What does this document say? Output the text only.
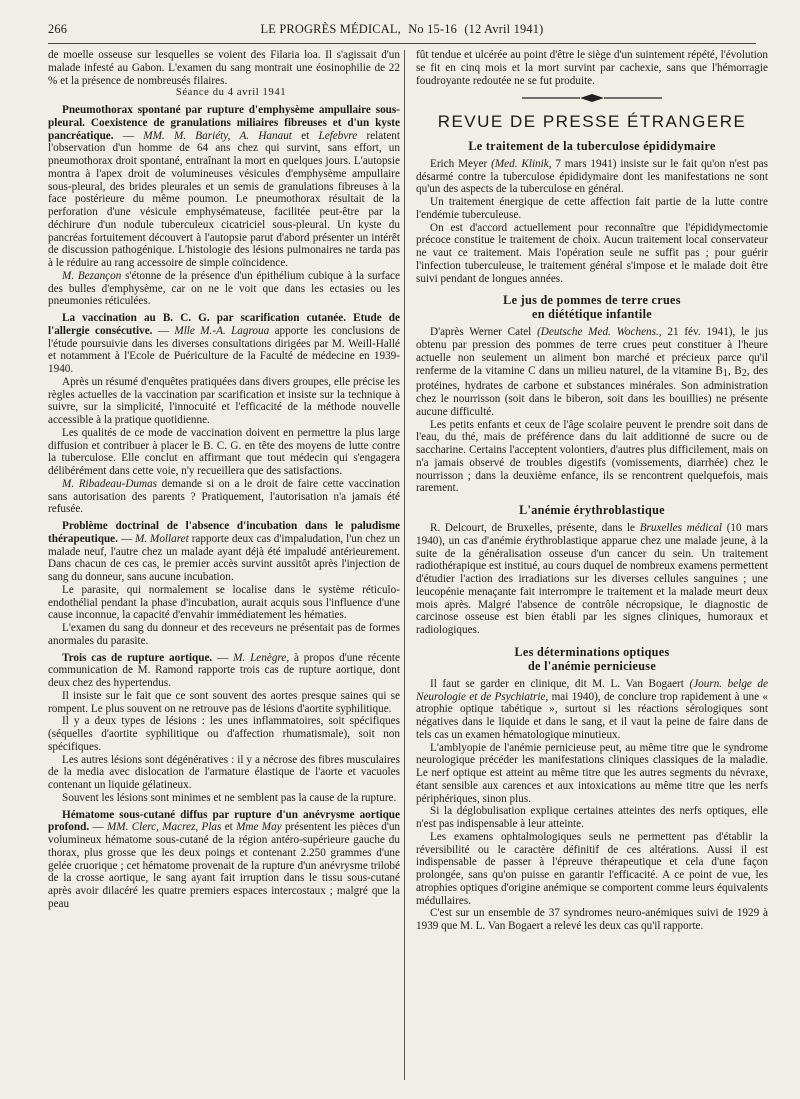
266	LE PROGRÈS MÉDICAL, No 15-16 (12 Avril 1941)

de moelle osseuse sur lesquelles se voient des Filaria loa. Il s'agissait d'un malade infesté au Gabon. L'examen du sang montrait une éosinophilie de 22 % et la présence de nombreusés filaires.

Séance du 4 avril 1941

Pneumothorax spontané par rupture d'emphysème ampullaire sous-pleural. Coexistence de granulations miliaires fibreuses et d'un kyste pancréatique. — MM. M. Bariéty, A. Hanaut et Lefebvre relatent l'observation d'un homme de 64 ans chez qui survint, sans effort, un pneumothorax droit spontané, entraînant la mort en quelques jours. L'autopsie montra à l'apex droit de volumineuses vésicules d'emphysème ampullaire sous-pleural, des brides pleurales et un semis de granulations fibreuses à la face postérieure du même poumon. Le pneumothorax résultait de la perforation d'une vésicule emphysémateuse, facilitée peut-être par la déchirure d'un nodule tuberculeux cicatriciel sous-pleural. Un kyste du pancréas fortuitement découvert à l'autopsie parut d'abord présenter un intérêt de discussion pathogénique. L'histologie des lésions pulmonaires ne tarda pas à le réduire au rang accessoire de simple coïncidence.

M. Bezançon s'étonne de la présence d'un épithélium cubique à la surface des bulles d'emphysème, car on ne le voit que dans les ectasies ou les pneumonies réticulées.

La vaccination au B. C. G. par scarification cutanée. Etude de l'allergie consécutive. — Mlle M.-A. Lagroua apporte les conclusions de l'étude poursuivie dans les diverses consultations dirigées par M. Weill-Hallé et notamment à l'Ecole de Puériculture de la Faculté de médecine en 1939-1940.

Après un résumé d'enquêtes pratiquées dans divers groupes, elle précise les règles actuelles de la vaccination par scarification et insiste sur la technique à suivre, sur la simplicité, l'innocuité et l'efficacité de la méthode nouvelle accessible à la pratique quotidienne.

Les qualités de ce mode de vaccination doivent en permettre la plus large diffusion et contribuer à placer le B. C. G. en tête des moyens de lutte contre la tuberculose. Elle conclut en affirmant que tout médecin qui s'engagera délibérément dans cette voie, n'y recueillera que des satisfactions.

M. Ribadeau-Dumas demande si on a le droit de faire cette vaccination sans autorisation des parents ? Pratiquement, l'autorisation n'a jamais été refusée.

Problème doctrinal de l'absence d'incubation dans le paludisme thérapeutique. — M. Mollaret rapporte deux cas d'impaludation, l'un chez un malade neuf, l'autre chez un malade ayant déjà été impaludé antérieurement. Dans chacun de ces cas, le premier accès survint aussitôt après l'injection de sang du donneur, sans aucune incubation.

Le parasite, qui normalement se localise dans le système réticulo-endothélial pendant la phase d'incubation, aurait acquis sous l'influence d'une cause inconnue, la capacité d'envahir immédiatement les hématies.

L'examen du sang du donneur et des receveurs ne présentait pas de formes anormales du parasite.

Trois cas de rupture aortique. — M. Lenègre, à propos d'une récente communication de M. Ramond rapporte trois cas de rupture aortique, dont deux chez des hypertendus.

Il insiste sur le fait que ce sont souvent des aortes presque saines qui se rompent. Le plus souvent on ne retrouve pas de lésions d'aortite syphilitique.

Il y a deux types de lésions : les unes inflammatoires, soit spécifiques (séquelles d'aortite syphilitique ou d'affection rhumatismale), soit non spécifiques.

Les autres lésions sont dégénératives : il y a nécrose des fibres musculaires de la media avec dislocation de l'armature élastique de l'aorte et vacuoles contenant un liquide gélatineux.

Souvent les lésions sont minimes et ne semblent pas la cause de la rupture.

Hématome sous-cutané diffus par rupture d'un anévrysme aortique profond. — MM. Clerc, Macrez, Plas et Mme May présentent les pièces d'un volumineux hématome sous-cutané de la région antéro-supérieure gauche du thorax, plus grosse que les deux poings et contenant 2.250 grammes d'une gelée cruorique ; cet hématome provenait de la rupture d'un anévrysme trilobé de la crosse aortique, le sang ayant fait irruption dans le tissu sous-cutané après avoir dilacéré les quatre premiers espaces intercostaux ; malgré que la peau

fût tendue et ulcérée au point d'être le siège d'un suintement répété, l'évolution se fit en cinq mois et la mort survint par cachexie, sans que l'hémorragie foudroyante redoutée ne se fut produite.

REVUE DE PRESSE ÉTRANGERE
Le traitement de la tuberculose épididymaire

Erich Meyer (Med. Klinik, 7 mars 1941) insiste sur le fait qu'on n'est pas désarmé contre la tuberculose épididymaire dont les manifestations ne sont qu'un des aspects de la tuberculose en général.

Un traitement énergique de cette affection fait partie de la lutte contre l'endémie tuberculeuse.

On est d'accord actuellement pour reconnaître que l'épididymectomie précoce constitue le traitement de choix. Aucun traitement local conservateur ne vaut ce traitement. Mais l'opération seule ne suffit pas ; pour guérir l'infection tuberculeuse, le traitement général s'impose et le malade doit être suivi pendant de longues années.

Le jus de pommes de terre crues
en diététique infantile

D'après Werner Catel (Deutsche Med. Wochens., 21 fév. 1941), le jus obtenu par pression des pommes de terre crues peut constituer à l'heure actuelle non seulement un aliment bon marché et précieux parce qu'il renferme de la vitamine C dans un milieu naturel, de la vitamine B1, B2, des protéines, hydrates de carbone et substances minérales. Son administration chez le nourrisson (soit dans le biberon, soit dans les bouillies) ne présente aucune difficulté.

Les petits enfants et ceux de l'âge scolaire peuvent le prendre soit dans de l'eau, du thé, mais de préférence dans du lait additionné de sucre ou de saccharine. Certains l'acceptent volontiers, d'autres plus difficilement, mais on n'a jamais observé de troubles digestifs (vomissements, diarrhée) chez le nourrisson ; dans la deuxième enfance, ils se rencontrent quelquefois, mais rarement.

L'anémie érythroblastique

R. Delcourt, de Bruxelles, présente, dans le Bruxelles médical (10 mars 1940), un cas d'anémie érythroblastique apparue chez une malade jeune, à la suite de la généralisation osseuse d'un cancer du sein. Un traitement radiothérapique est institué, au cours duquel de nombreux examens permettent d'étudier l'action des irradiations sur les diverses cellules sanguines ; une leucopénie menaçante fait interrompre le traitement et la malade meurt deux mois après. Malgré l'absence de contrôle nécropsique, le diagnostic de carcinose osseuse est bien établi par les signes cliniques, humoraux et radiologiques.

Les déterminations optiques
de l'anémie pernicieuse

Il faut se garder en clinique, dit M. L. Van Bogaert (Journ. belge de Neurologie et de Psychiatrie, mai 1940), de conclure trop rapidement à une « atrophie optique tabétique », surtout si les réactions sérologiques sont négatives dans le liquide et dans le sang, et il vaut la peine de faire dans de tels cas un examen hématologique minutieux.

L'amblyopie de l'anémie pernicieuse peut, au même titre que le syndrome neurologique précéder les manifestations cliniques classiques de la maladie. Le nerf optique est atteint au même titre que les autres segments du névraxe, étant sensible aux carences et aux intoxications au même titre que les nerfs périphériques, sinon plus.

Si la déglobulisation explique certaines atteintes des nerfs optiques, elle n'est pas indispensable à leur atteinte.

Les examens ophtalmologiques seuls ne permettent pas d'établir la réversibilité ou le caractère définitif de ces altérations. Aussi il est indispensable de passer à l'épreuve thérapeutique et cela d'une façon prolongée, sans qu'on puisse en garantir l'efficacité. A ce point de vue, les atrophies optiques d'origine anémique se comportent comme leurs équivalents médullaires.

C'est sur un ensemble de 37 syndromes neuro-anémiques suivi de 1929 à 1939 que M. L. Van Bogaert a relevé les deux cas qu'il rapporte.
